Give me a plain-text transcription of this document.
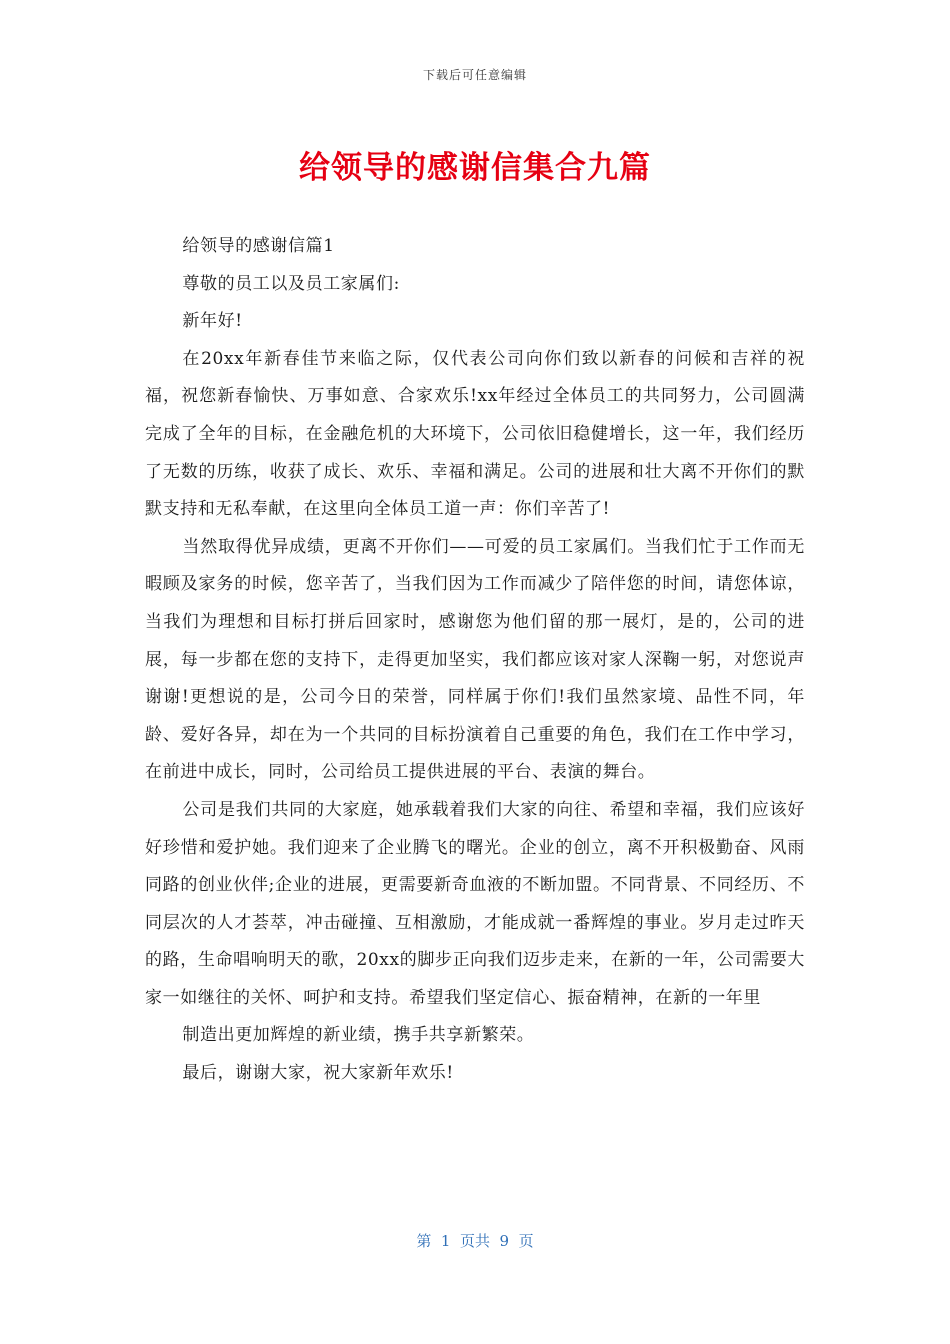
下载后可任意编辑
给领导的感谢信集合九篇

给领导的感谢信篇1

尊敬的员工以及员工家属们:

新年好!

在20xx年新春佳节来临之际，仅代表公司向你们致以新春的问候和吉祥的祝福，祝您新春愉快、万事如意、合家欢乐!xx年经过全体员工的共同努力，公司圆满完成了全年的目标，在金融危机的大环境下，公司依旧稳健增长，这一年，我们经历了无数的历练，收获了成长、欢乐、幸福和满足。公司的进展和壮大离不开你们的默默支持和无私奉献，在这里向全体员工道一声：你们辛苦了!

当然取得优异成绩，更离不开你们——可爱的员工家属们。当我们忙于工作而无暇顾及家务的时候，您辛苦了，当我们因为工作而减少了陪伴您的时间，请您体谅，当我们为理想和目标打拼后回家时，感谢您为他们留的那一展灯，是的，公司的进展，每一步都在您的支持下，走得更加坚实，我们都应该对家人深鞠一躬，对您说声谢谢!更想说的是，公司今日的荣誉，同样属于你们!我们虽然家境、品性不同，年龄、爱好各异，却在为一个共同的目标扮演着自己重要的角色，我们在工作中学习，在前进中成长，同时，公司给员工提供进展的平台、表演的舞台。

公司是我们共同的大家庭，她承载着我们大家的向往、希望和幸福，我们应该好好珍惜和爱护她。我们迎来了企业腾飞的曙光。企业的创立，离不开积极勤奋、风雨同路的创业伙伴;企业的进展，更需要新奇血液的不断加盟。不同背景、不同经历、不同层次的人才荟萃，冲击碰撞、互相激励，才能成就一番辉煌的事业。岁月走过昨天的路，生命唱响明天的歌，20xx的脚步正向我们迈步走来，在新的一年，公司需要大家一如继往的关怀、呵护和支持。希望我们坚定信心、振奋精神，在新的一年里

制造出更加辉煌的新业绩，携手共享新繁荣。

最后，谢谢大家，祝大家新年欢乐!

第  1  页共  9  页
